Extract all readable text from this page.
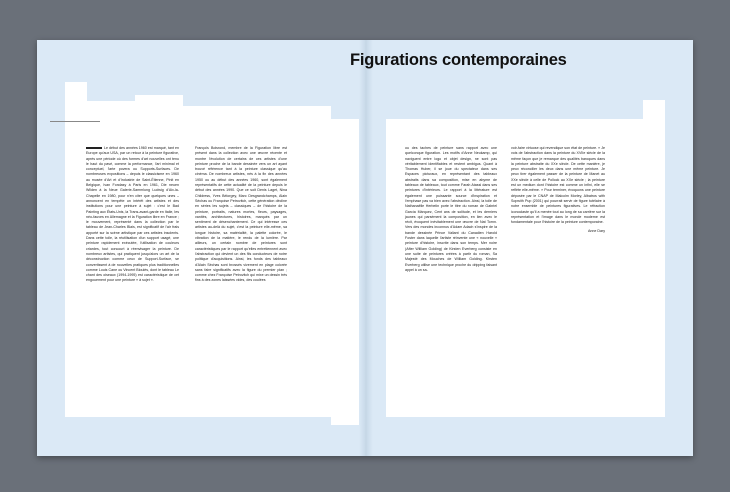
Figurations contemporaines

Le début des années 1960 est marqué, tant en Europe qu'aux USA, par un retour à la peinture figurative, après une période où des formes d'art nouvelles ont tenu le haut du pavé, comme la performance, l'art minimal et conceptuel, l'arte povera ou Supports-Surfaces. De nombreuses expositions – depuis le classicisme en 1960 au musée d'Art et d'Industrie de Saint-Étienne, Pinit en Belgique, Ivan Fondasy à Paris en 1961, Die neuen Wilden à la Neue Galerie-Sammlung Ludwig d'Aix-la-Chapelle en 1980, pour n'en citer que quelques unes – annoncent en tempête un intérêt des artistes et des institutions pour une peinture à sujet : c'est le Bad Painting aux États-Unis, la Trans-avant-garde en Italie, les néo-fauves en Allemagne et la Figuration libre en France ; le mouvement, représenté dans la collection par le tableau de Jean-Charles Blais, est significatif de l'air frais apporté sur la scène artistique par ces artistes insolents. Dans cette toile, la réutilisation d'un support usagé, une peinture rapidement exécutée, l'utilisation de couleurs criardes, tout concourt à réenvisager la peinture. De nombreux artistes, qui pratiquent jusqu'alors un art de la déconstruction comme ceux de Support-Surface, se convertissent à de nouvelles pratiques plus traditionnelles comme Louis Cane ou Vincent Bioulès, dont le tableau Le chant des oiseaux (1994-1995) est caractéristique de cet engouement pour une peinture « à sujet ».

François Boisrond, membre de la Figuration libre est présent dans la collection avec une œuvre récente et montre l'évolution de certains de ces artistes d'une peinture proche de la bande dessinée vers un art ayant trouvé référence tant à la peinture classique qu'au cinéma. De nombreux artistes, nés à la fin des années 1950 ou au début des années 1960, sont également représentatifs de cette actualité de la peinture depuis le début des années 1990. Que ce soit Denis Laget, Nina Childress, Yves Bélorgey, Marc Desgrandchamps, Alain Séchas ou Françoise Petrovitch, cette génération décline en séries les sujets – classiques – de l'histoire de la peinture, portraits, natures mortes, fleurs, paysages, vanités, architectures, histoires, marqués par un sentiment de désenchantement. Ce qui intéresse ces artistes au-delà du sujet, c'est la peinture elle-même, sa longue histoire, sa matérialité, la palette colorée, le vibration de la matière, le rendu de la lumière. Par ailleurs, un certain nombre de peintures sont caractéristiques par le rapport qu'elles entretiennent avec l'abstraction qui devient un des fils conducteurs de notre politique d'acquisitions. Ainsi, les fonds des tableaux d'Alain Séchas sont brossés vivement en plage colorée sans faire significatifs avec la figure du premier plan ; comme chez Françoise Petrovitch qui mixe un dessin très fins à des zones laissées vides, des coulées

ou des taches de peinture sans rapport avec une quelconque figuration. Les motifs d'Anne Neukamp, qui naviguent entre logo et objet design, ne sont pas véritablement identifiables et restent ambigus. Quant à Thomas Huber, il se joue du spectateur dans ses Espaces picturaux, en représentant des tableaux abstraits dans sa composition, mise en abyme de tableaux de tableaux, tout comme Farah Atassi dans ses peintures d'intérieurs. Le rapport à la littérature est également une puissante source d'inspiration et l'emphase pas va bien avec l'abstraction. Ainsi, la toile de Nathanaëlle Herbelin porte le titre du roman de Gabriel García Márquez, Cent ans de solitude, et les derniers jaunes qui parsèment la composition, en lien avec le récit, évoquent inévitablement une œuvre de Nat Tornn. Vers des mondes inconnus d'Adam Adach s'inspire de la bande dessinée Prince Valiant du Canadien Harold Foster dans laquelle l'artiste réinvente une « nouvelle » peinture d'histoire, inscrite dans son temps. Mer noire (After William Golding) de Kirsten Everberg consiste en une suite de peintures créées à partir du roman, Sa Majesté des Mouches de William Golding. Kirsten Everberg utilise une technique proche du dripping faisant appel à un sa-

voir-faire virtuose qui revendique son état de peinture. « Je vois de l'abstraction dans la peinture du XVIIe siècle de la même façon que je remarque des qualités baroques dans la peinture abstraite du XXe siècle. De cette manière, je peux réconcilier les deux dans une même peinture. Je peux tirer également passer de la peinture de Manet au XXe siècle à celle de Pollock au XXe siècle ; la peinture est un medium dont l'histoire est comme un infini, elle se reflète elle-même. » Pour terminer, évoquons une peinture déposée par le CNAP de Malcolm Morley, Albatros with Sopwith Pup (2001) qui pourrait servir de figure tutélaire à notre ensemble de peintures figuratives. Le réfraction iconoclaste qu'il a menée tout au long de sa carrière sur la représentation et l'image dans le monde moderne est fondamentale pour l'histoire de la peinture contemporaine.

Anne Dary
